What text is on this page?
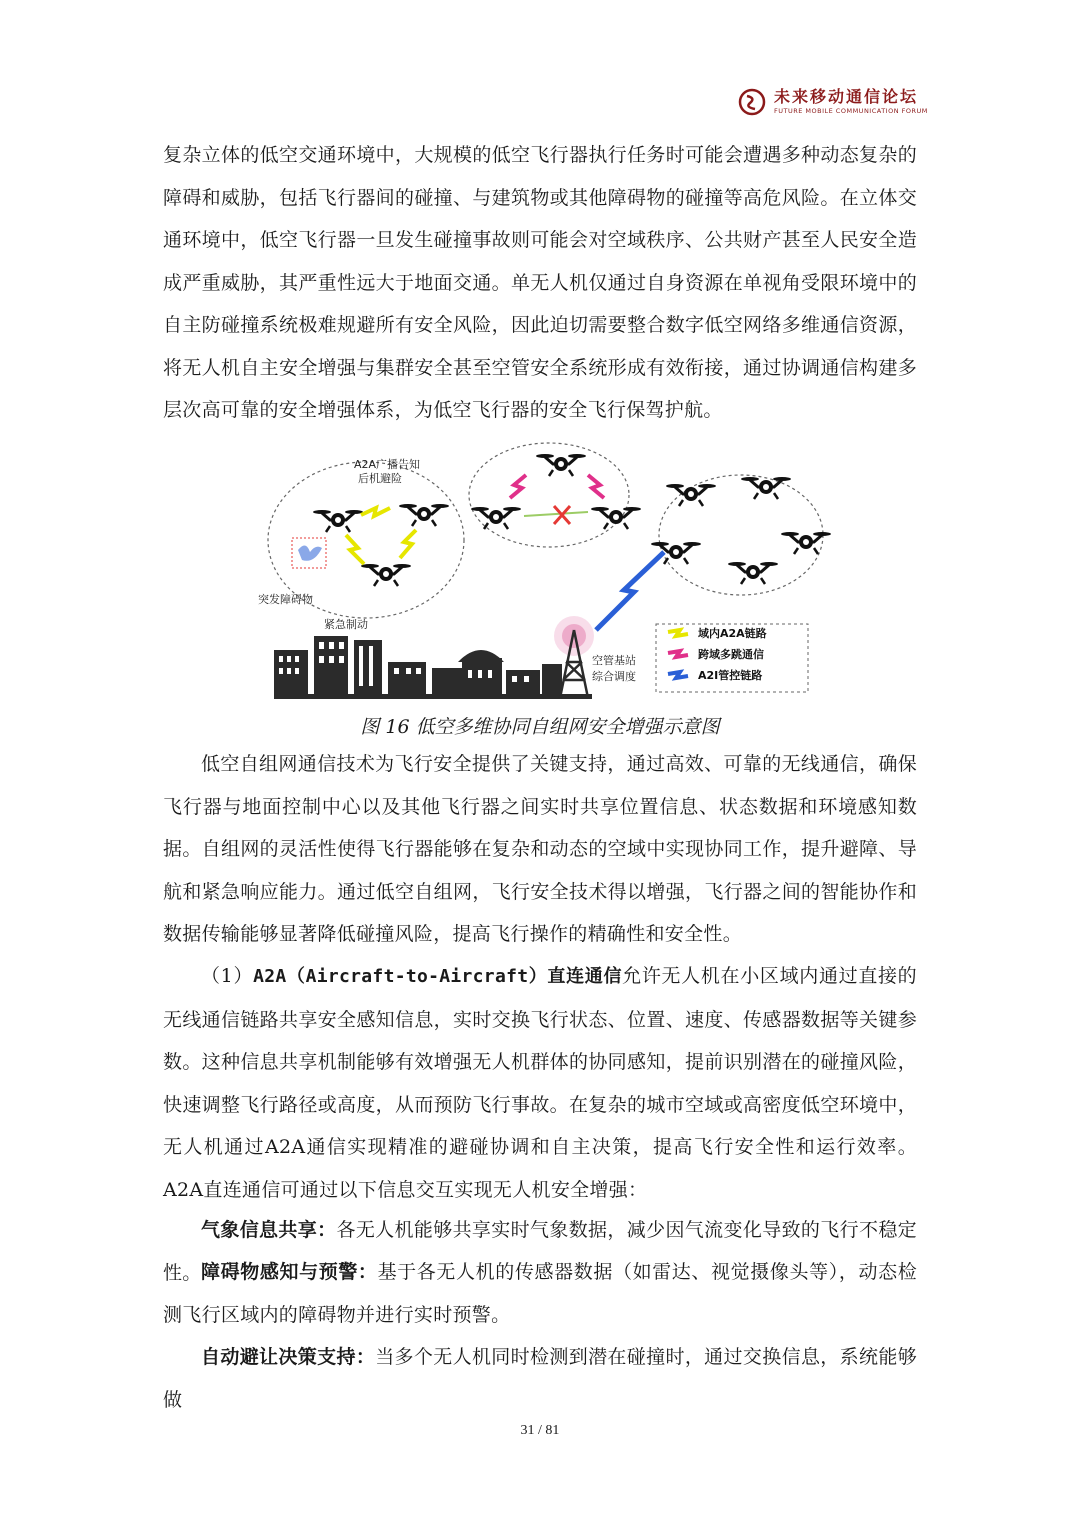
未来移动通信论坛
FUTURE MOBILE COMMUNICATION FORUM

复杂立体的低空交通环境中，大规模的低空飞行器执行任务时可能会遭遇多种动态复杂的障碍和威胁，包括飞行器间的碰撞、与建筑物或其他障碍物的碰撞等高危风险。在立体交通环境中，低空飞行器一旦发生碰撞事故则可能会对空域秩序、公共财产甚至人民安全造成严重威胁，其严重性远大于地面交通。单无人机仅通过自身资源在单视角受限环境中的自主防碰撞系统极难规避所有安全风险，因此迫切需要整合数字低空网络多维通信资源，将无人机自主安全增强与集群安全甚至空管安全系统形成有效衔接，通过协调通信构建多层次高可靠的安全增强体系，为低空飞行器的安全飞行保驾护航。

A2A广播告知
后机避险
突发障碍物
紧急制动
空管基站
综合调度
域内A2A链路
跨域多跳通信
A2I管控链路
图 16 低空多维协同自组网安全增强示意图

低空自组网通信技术为飞行安全提供了关键支持，通过高效、可靠的无线通信，确保飞行器与地面控制中心以及其他飞行器之间实时共享位置信息、状态数据和环境感知数据。自组网的灵活性使得飞行器能够在复杂和动态的空域中实现协同工作，提升避障、导航和紧急响应能力。通过低空自组网，飞行安全技术得以增强，飞行器之间的智能协作和数据传输能够显著降低碰撞风险，提高飞行操作的精确性和安全性。

（1）A2A（Aircraft-to-Aircraft）直连通信允许无人机在小区域内通过直接的无线通信链路共享安全感知信息，实时交换飞行状态、位置、速度、传感器数据等关键参数。这种信息共享机制能够有效增强无人机群体的协同感知，提前识别潜在的碰撞风险，快速调整飞行路径或高度，从而预防飞行事故。在复杂的城市空域或高密度低空环境中，无人机通过A2A通信实现精准的避碰协调和自主决策，提高飞行安全性和运行效率。A2A直连通信可通过以下信息交互实现无人机安全增强：

气象信息共享：各无人机能够共享实时气象数据，减少因气流变化导致的飞行不稳定性。 障碍物感知与预警：基于各无人机的传感器数据（如雷达、视觉摄像头等），动态检测飞行区域内的障碍物并进行实时预警。

自动避让决策支持：当多个无人机同时检测到潜在碰撞时，通过交换信息，系统能够做

31 / 81
